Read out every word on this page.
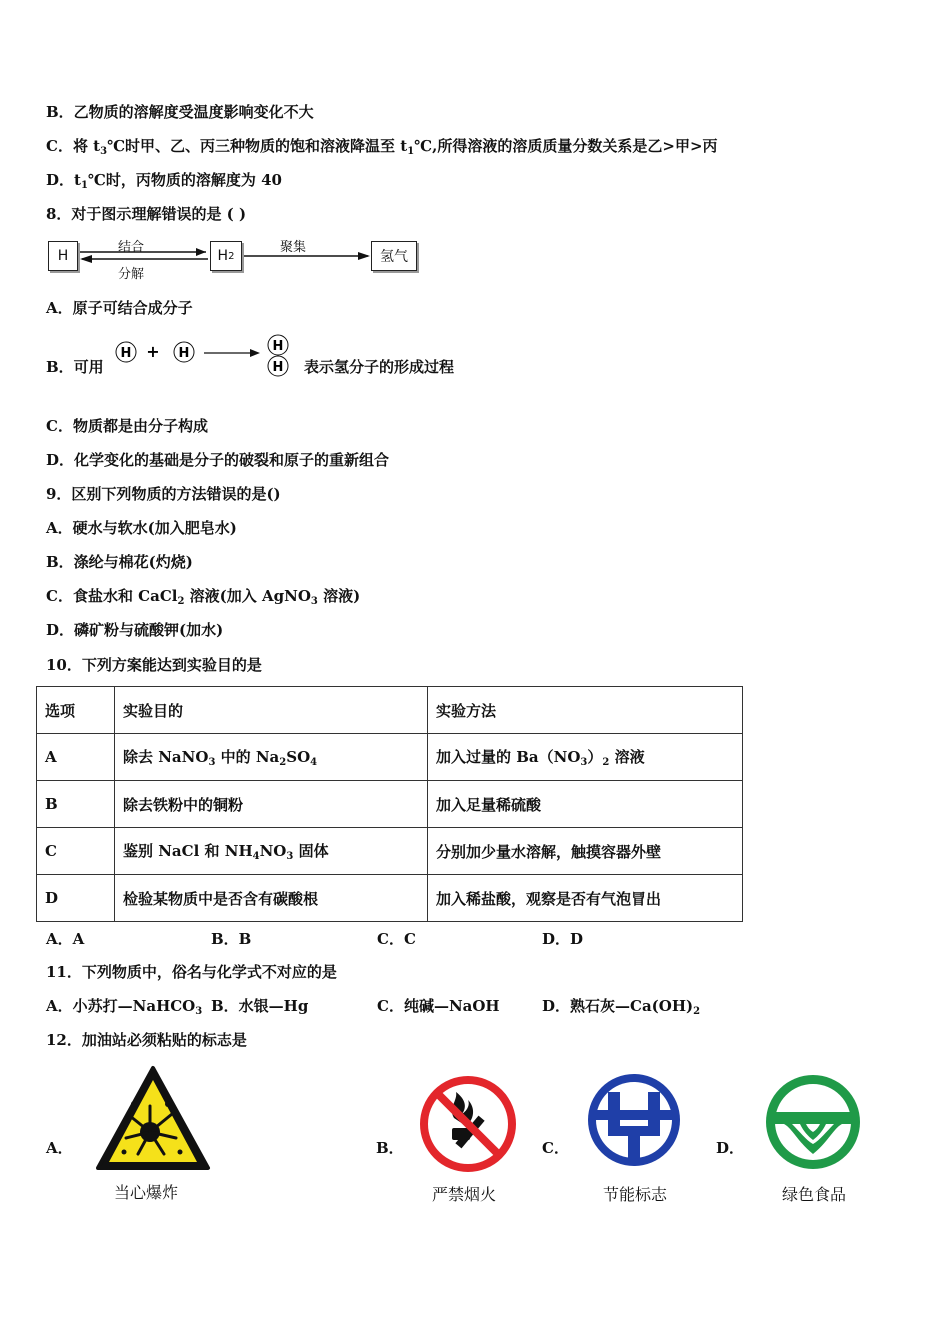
B．乙物质的溶解度受温度影响变化不大
C．将 $t_3℃$时甲、乙、丙三种物质的饱和溶液降温至 $t_1℃$,所得溶液的溶质质量分数关系是乙>甲>丙
D．$t_1℃$时，丙物质的溶解度为 40
8．对于图示理解错误的是 ( )
H	H 2	氢气
结合
分解
聚集
A．原子可结合成分子
B．可用
H + H	H
H 表示氢分子的形成过程
C．物质都是由分子构成
D．化学变化的基础是分子的破裂和原子的重新组合
9．区别下列物质的方法错误的是()
A．硬水与软水(加入肥皂水)
B．涤纶与棉花(灼烧)
C．食盐水和 CaCl$_2$ 溶液(加入 AgNO$_3$ 溶液)
D．磷矿粉与硫酸钾(加水)
10．下列方案能达到实验目的是
选项	实验目的	实验方法
A	除去 NaNO$_3$ 中的 $Na_2SO_4$	加入过量的 $Ba(NO_3)_2$ 溶液
B	除去铁粉中的铜粉	加入足量稀硫酸
C	鉴别 NaCl 和 $NH_4NO_3$ 固体	分别加少量水溶解，触摸容器外壁
D	检验某物质中是否含有碳酸根	加入稀盐酸，观察是否有气泡冒出
A．A	B．B	C．C	D．D
11．下列物质中，俗名与化学式不对应的是
A．小苏打—NaHCO$_3$ B．水银—Hg	C．纯碱—NaOH	D．熟石灰$—Ca(OH)_2$
12．加油站必须粘贴的标志是
A．	B．	C．	D．
当心爆炸	严禁烟火	节能标志	绿色食品
